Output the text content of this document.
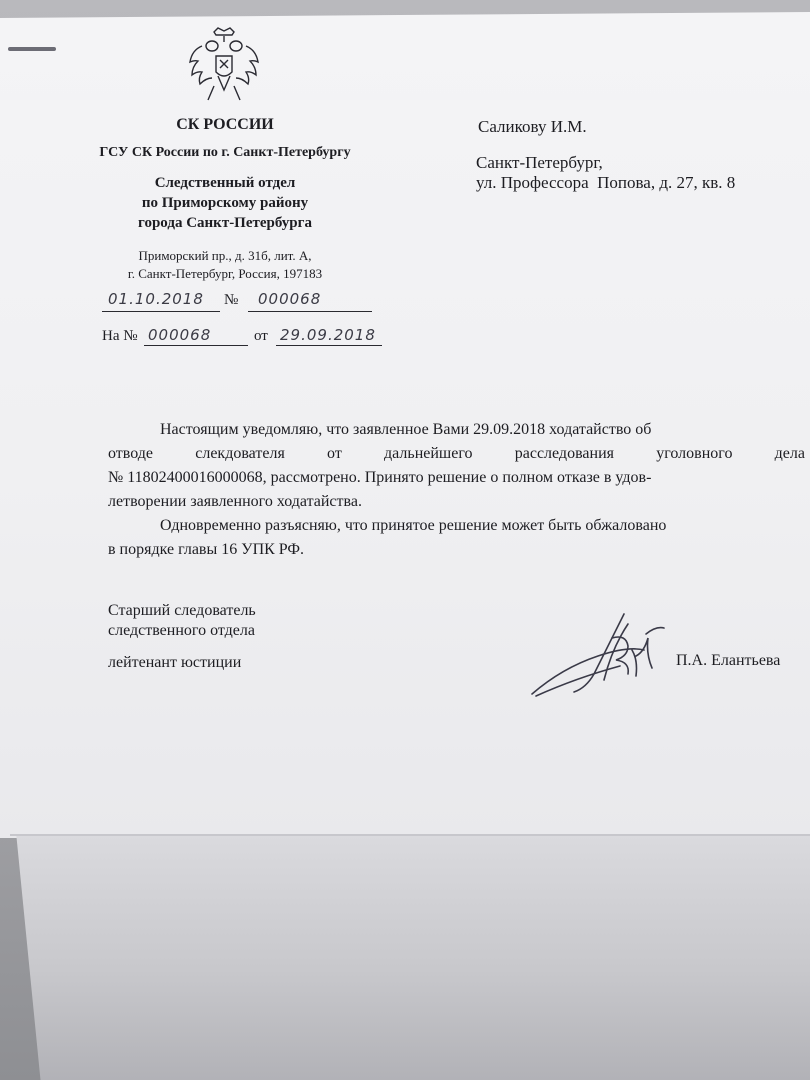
СК РОССИИ
ГСУ СК России по г. Санкт-Петербургу
Следственный отдел
по Приморскому району
города Санкт-Петербурга
Приморский пр., д. 31б, лит. А,
г. Санкт-Петербург, Россия, 197183
01.10.2018	№ 000068
На № 000068	от 29.09.2018
Саликову И.М.
Санкт-Петербург,
ул. Профессора  Попова, д. 27, кв. 8
Настоящим уведомляю, что заявленное Вами 29.09.2018 ходатайство об
отводе слекдователя от дальнейшего расследования уголовного дела
№ 11802400016000068, рассмотрено. Принято решение о полном отказе в удов-
летворении заявленного ходатайства.
Одновременно разъясняю, что принятое решение может быть обжаловано
в порядке главы 16 УПК РФ.
Старший следователь
следственного отдела
лейтенант юстиции	П.А. Елантьева
